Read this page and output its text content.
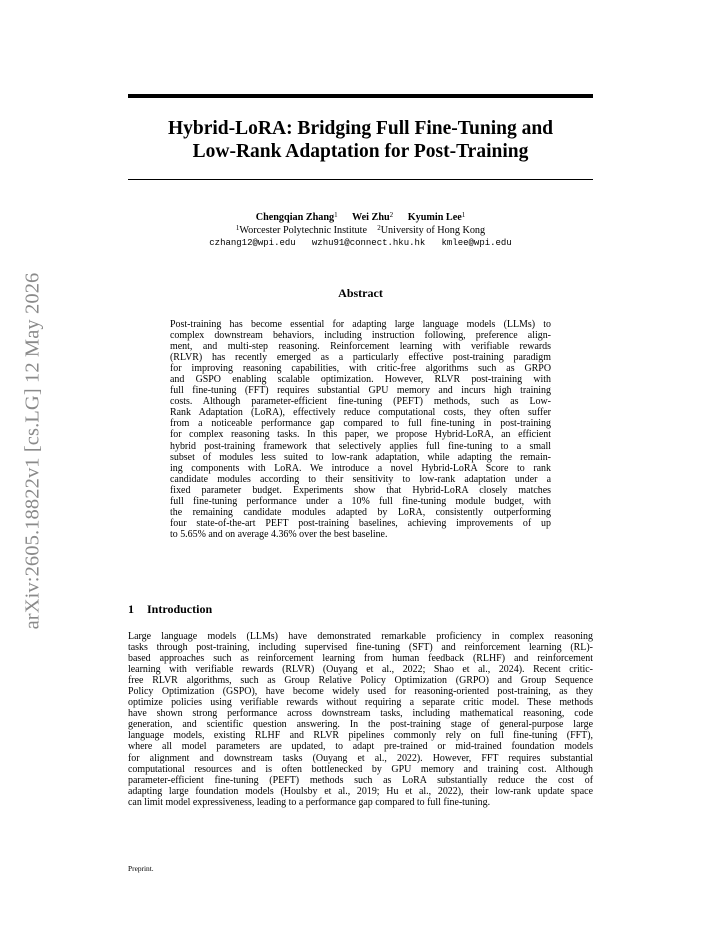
arXiv:2605.18822v1 [cs.LG] 12 May 2026
Hybrid-LoRA: Bridging Full Fine-Tuning and
Low-Rank Adaptation for Post-Training
Chengqian Zhang$^1$ Wei Zhu$^2$ Kyumin Lee$^1$
$^1$Worcester Polytechnic Institute $^2$University of Hong Kong
czhang12@wpi.edu wzhu91@connect.hku.hk kmlee@wpi.edu
Abstract
Post-training has become essential for adapting large language models (LLMs) to
complex downstream behaviors, including instruction following, preference align-
ment, and multi-step reasoning. Reinforcement learning with verifiable rewards
(RLVR) has recently emerged as a particularly effective post-training paradigm
for improving reasoning capabilities, with critic-free algorithms such as GRPO
and GSPO enabling scalable optimization. However, RLVR post-training with
full fine-tuning (FFT) requires substantial GPU memory and incurs high training
costs. Although parameter-efficient fine-tuning (PEFT) methods, such as Low-
Rank Adaptation (LoRA), effectively reduce computational costs, they often suffer
from a noticeable performance gap compared to full fine-tuning in post-training
for complex reasoning tasks. In this paper, we propose Hybrid-LoRA, an efficient
hybrid post-training framework that selectively applies full fine-tuning to a small
subset of modules less suited to low-rank adaptation, while adapting the remain-
ing components with LoRA. We introduce a novel Hybrid-LoRA Score to rank
candidate modules according to their sensitivity to low-rank adaptation under a
fixed parameter budget. Experiments show that Hybrid-LoRA closely matches
full fine-tuning performance under a 10% full fine-tuning module budget, with
the remaining candidate modules adapted by LoRA, consistently outperforming
four state-of-the-art PEFT post-training baselines, achieving improvements of up
to 5.65% and on average 4.36% over the best baseline.
1 Introduction
Large language models (LLMs) have demonstrated remarkable proficiency in complex reasoning
tasks through post-training, including supervised fine-tuning (SFT) and reinforcement learning (RL)-
based approaches such as reinforcement learning from human feedback (RLHF) and reinforcement
learning with verifiable rewards (RLVR) (Ouyang et al., 2022; Shao et al., 2024). Recent critic-
free RLVR algorithms, such as Group Relative Policy Optimization (GRPO) and Group Sequence
Policy Optimization (GSPO), have become widely used for reasoning-oriented post-training, as they
optimize policies using verifiable rewards without requiring a separate critic model. These methods
have shown strong performance across downstream tasks, including mathematical reasoning, code
generation, and scientific question answering. In the post-training stage of general-purpose large
language models, existing RLHF and RLVR pipelines commonly rely on full fine-tuning (FFT),
where all model parameters are updated, to adapt pre-trained or mid-trained foundation models
for alignment and downstream tasks (Ouyang et al., 2022). However, FFT requires substantial
computational resources and is often bottlenecked by GPU memory and training cost. Although
parameter-efficient fine-tuning (PEFT) methods such as LoRA substantially reduce the cost of
adapting large foundation models (Houlsby et al., 2019; Hu et al., 2022), their low-rank update space
can limit model expressiveness, leading to a performance gap compared to full fine-tuning.
Preprint.
